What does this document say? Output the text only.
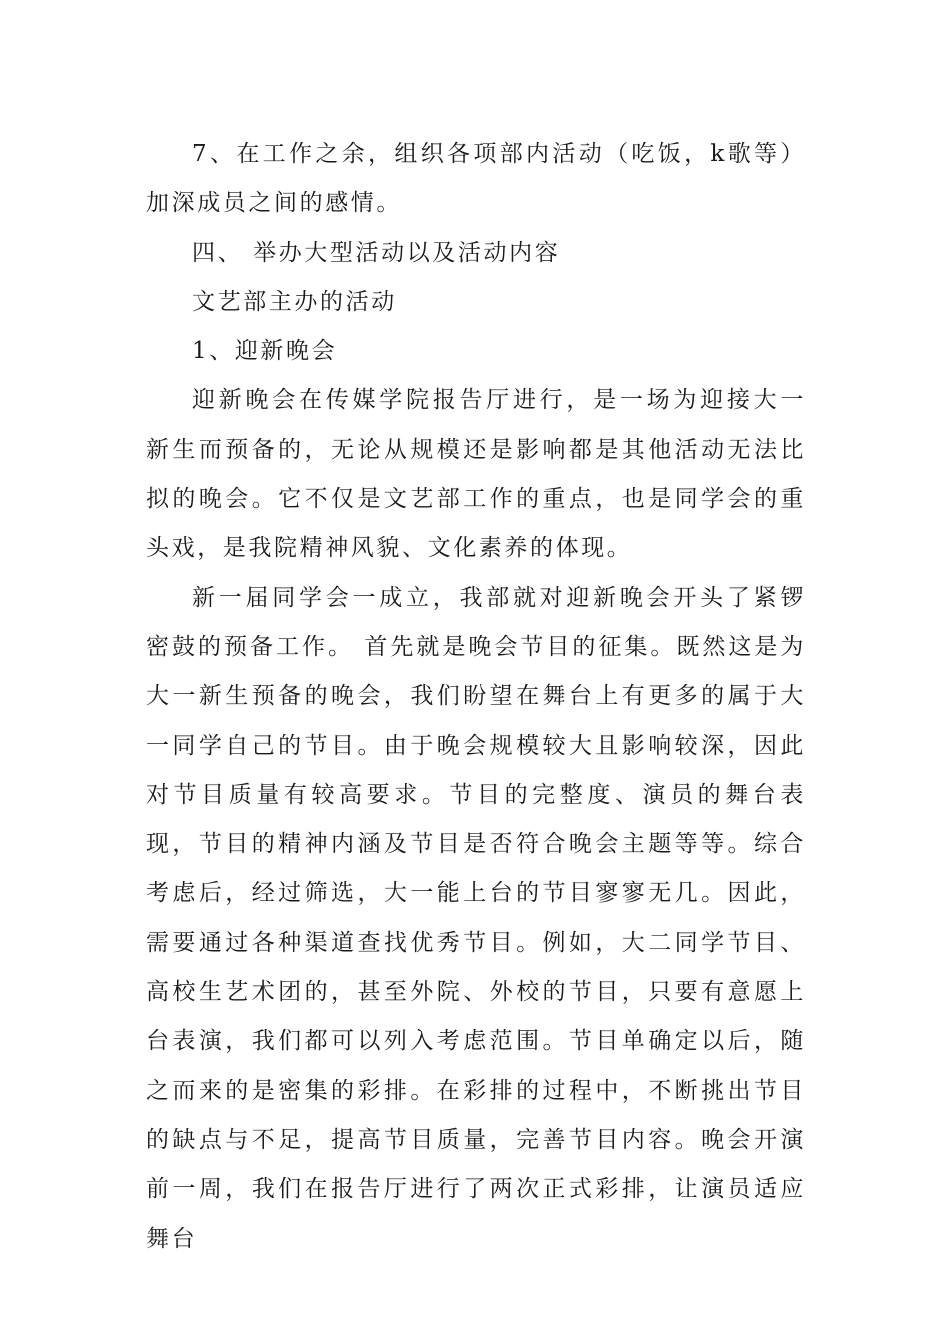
7、在工作之余，组织各项部内活动（吃饭，k歌等）加深成员之间的感情。

四、 举办大型活动以及活动内容

文艺部主办的活动

1、迎新晚会

迎新晚会在传媒学院报告厅进行，是一场为迎接大一新生而预备的，无论从规模还是影响都是其他活动无法比拟的晚会。它不仅是文艺部工作的重点，也是同学会的重头戏，是我院精神风貌、文化素养的体现。

新一届同学会一成立，我部就对迎新晚会开头了紧锣密鼓的预备工作。 首先就是晚会节目的征集。既然这是为大一新生预备的晚会，我们盼望在舞台上有更多的属于大一同学自己的节目。由于晚会规模较大且影响较深，因此对节目质量有较高要求。节目的完整度、演员的舞台表现，节目的精神内涵及节目是否符合晚会主题等等。综合考虑后，经过筛选，大一能上台的节目寥寥无几。因此，需要通过各种渠道查找优秀节目。例如，大二同学节目、高校生艺术团的，甚至外院、外校的节目，只要有意愿上台表演，我们都可以列入考虑范围。节目单确定以后，随之而来的是密集的彩排。在彩排的过程中，不断挑出节目的缺点与不足，提高节目质量，完善节目内容。晚会开演前一周，我们在报告厅进行了两次正式彩排，让演员适应舞台
